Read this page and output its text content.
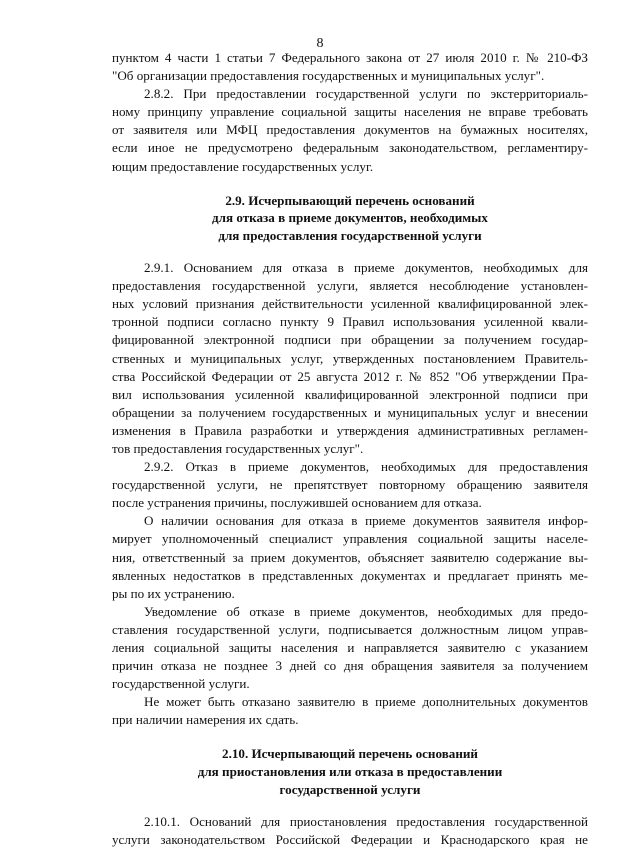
8
пунктом 4 части 1 статьи 7 Федерального закона от 27 июля 2010 г. № 210-ФЗ
"Об организации предоставления государственных и муниципальных услуг".
2.8.2. При предоставлении государственной услуги по экстерриториаль-
ному принципу управление социальной защиты населения не вправе требовать
от заявителя или МФЦ предоставления документов на бумажных носителях,
если иное не предусмотрено федеральным законодательством, регламентиру-
ющим предоставление государственных услуг.
2.9. Исчерпывающий перечень оснований
для отказа в приеме документов, необходимых
для предоставления государственной услуги
2.9.1. Основанием для отказа в приеме документов, необходимых для
предоставления государственной услуги, является несоблюдение установлен-
ных условий признания действительности усиленной квалифицированной элек-
тронной подписи согласно пункту 9 Правил использования усиленной квали-
фицированной электронной подписи при обращении за получением государ-
ственных и муниципальных услуг, утвержденных постановлением Правитель-
ства Российской Федерации от 25 августа 2012 г. № 852 "Об утверждении Пра-
вил использования усиленной квалифицированной электронной подписи при
обращении за получением государственных и муниципальных услуг и внесении
изменения в Правила разработки и утверждения административных регламен-
тов предоставления государственных услуг".
2.9.2. Отказ в приеме документов, необходимых для предоставления
государственной услуги, не препятствует повторному обращению заявителя
после устранения причины, послужившей основанием для отказа.
О наличии основания для отказа в приеме документов заявителя инфор-
мирует уполномоченный специалист управления социальной защиты населе-
ния, ответственный за прием документов, объясняет заявителю содержание вы-
явленных недостатков в представленных документах и предлагает принять ме-
ры по их устранению.
Уведомление об отказе в приеме документов, необходимых для предо-
ставления государственной услуги, подписывается должностным лицом управ-
ления социальной защиты населения и направляется заявителю с указанием
причин отказа не позднее 3 дней со дня обращения заявителя за получением
государственной услуги.
Не может быть отказано заявителю в приеме дополнительных документов
при наличии намерения их сдать.
2.10. Исчерпывающий перечень оснований
для приостановления или отказа в предоставлении
государственной услуги
2.10.1. Оснований для приостановления предоставления государственной
услуги законодательством Российской Федерации и Краснодарского края не
